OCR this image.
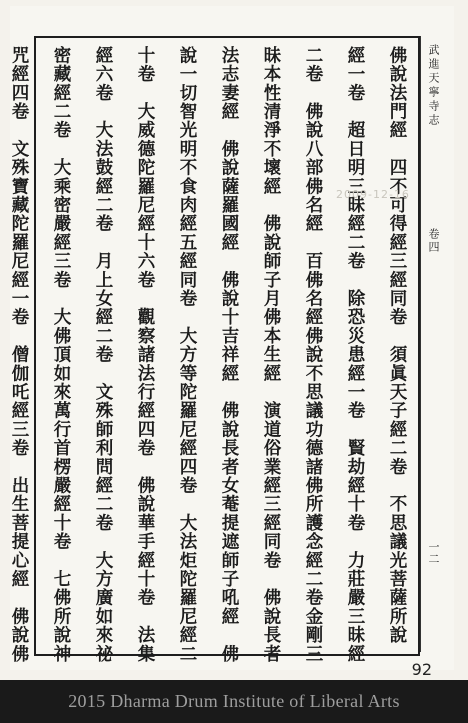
佛說法門經　四不可得經三經同卷　須眞天子經二卷　不思議光菩薩所說
經一卷　超日明三昧經二卷　除恐災患經一卷　賢劫經十卷　力莊嚴三昧經
二卷　佛說八部佛名經　百佛名經佛說不思議功德諸佛所護念經二卷金剛三
昧本性清淨不壞經　佛說師子月佛本生經　演道俗業經三經同卷　佛說長者
法志妻經　佛說薩羅國經　佛說十吉祥經　佛說長者女菴提遮師子吼經　佛
說一切智光明不食肉經五經同卷　大方等陀羅尼經四卷　大法炬陀羅尼經二
十卷　大威德陀羅尼經十六卷　觀察諸法行經四卷　佛說華手經十卷　法集
經六卷　大法鼓經二卷　月上女經二卷　文殊師利問經二卷　大方廣如來祕
密藏經二卷　大乘密嚴經三卷　大佛頂如來萬行首楞嚴經十卷　七佛所說神
咒經四卷　文殊寶藏陀羅尼經一卷　僧伽吒經三卷　出生菩提心經　佛說佛	2009-12-16
武進天寧寺志
卷四
一二
92
2015 Dharma Drum Institute of Liberal Arts
